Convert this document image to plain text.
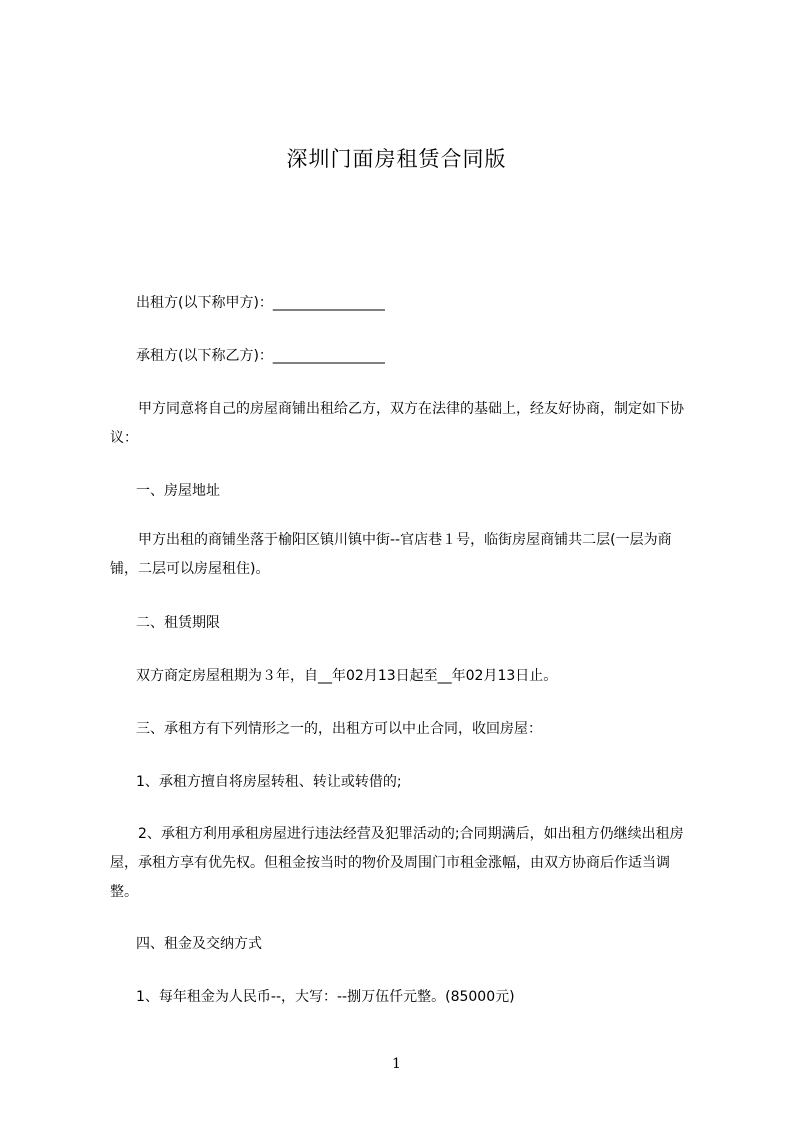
深圳门面房租赁合同版
出租方(以下称甲方)：________________
承租方(以下称乙方)：________________
甲方同意将自己的房屋商铺出租给乙方，双方在法律的基础上，经友好协商，制定如下协议：
一、房屋地址
甲方出租的商铺坐落于榆阳区镇川镇中街--官店巷１号，临街房屋商铺共二层(一层为商铺，二层可以房屋租住)。
二、租赁期限
双方商定房屋租期为３年，自__年02月13日起至__年02月13日止。
三、承租方有下列情形之一的，出租方可以中止合同，收回房屋：
1、承租方擅自将房屋转租、转让或转借的;
2、承租方利用承租房屋进行违法经营及犯罪活动的;合同期满后，如出租方仍继续出租房屋，承租方享有优先权。但租金按当时的物价及周围门市租金涨幅，由双方协商后作适当调整。
四、租金及交纳方式
1、每年租金为人民币--，大写：--捌万伍仟元整。(85000元)
1
